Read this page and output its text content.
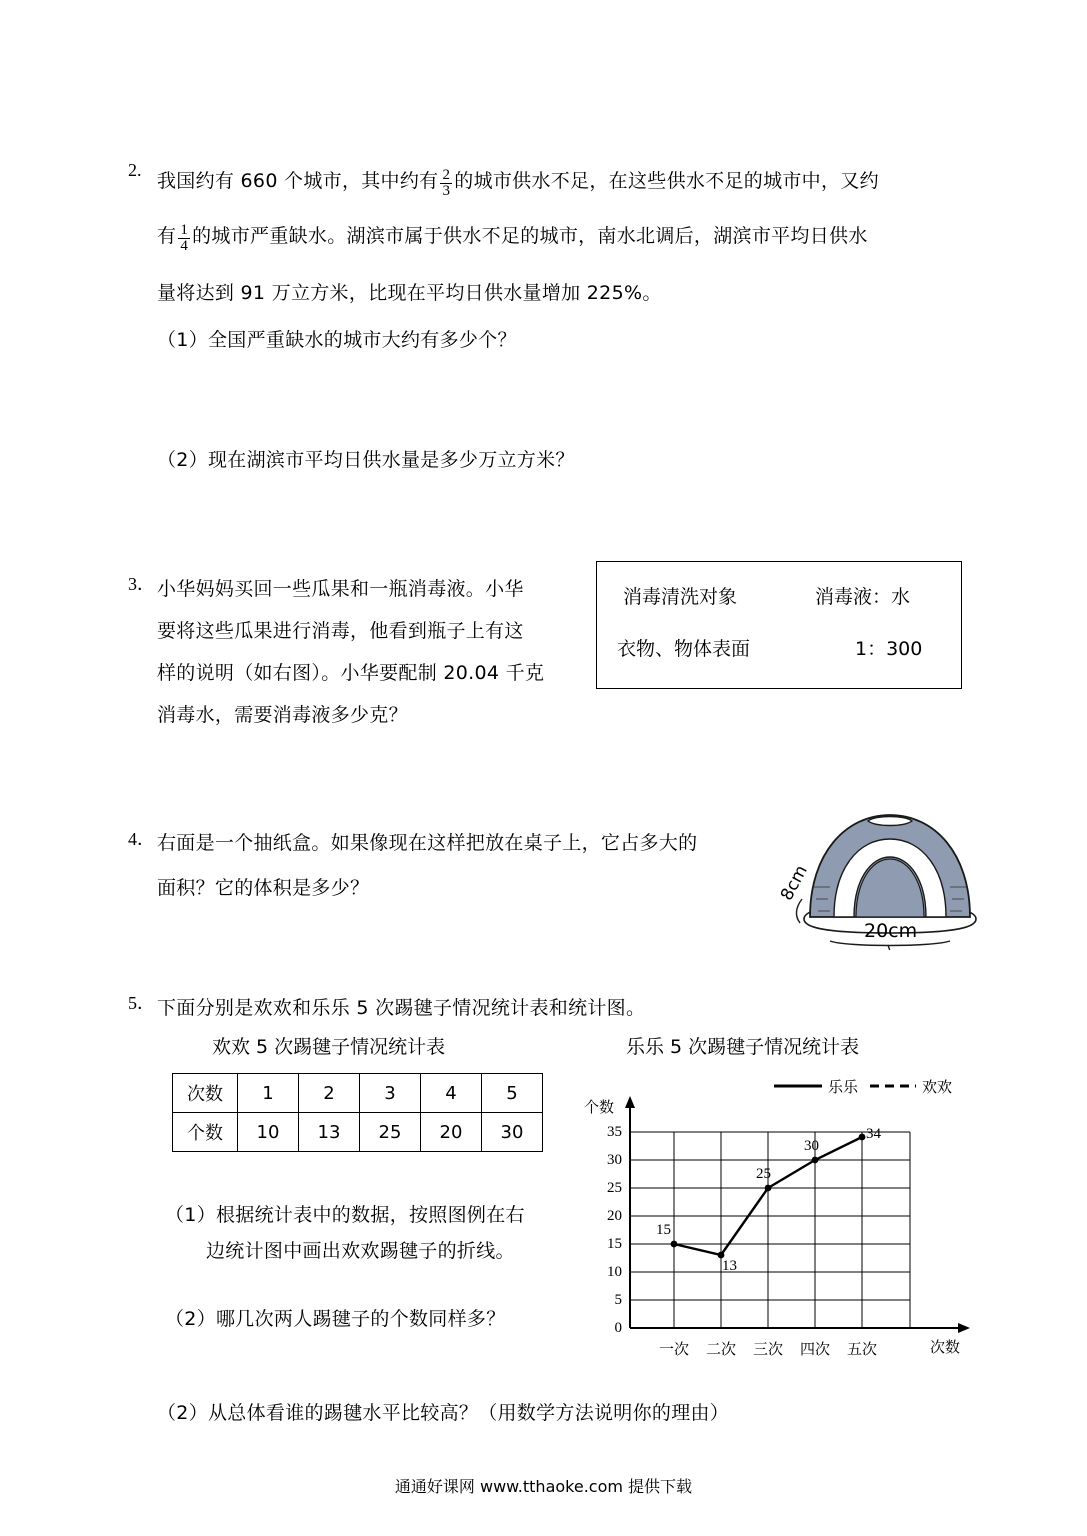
2. 我国约有 660 个城市，其中约有 $\frac{2}{3}$ 的城市供水不足，在这些供水不足的城市中，又约
有 $\frac{1}{4}$ 的城市严重缺水。湖滨市属于供水不足的城市，南水北调后，湖滨市平均日供水
量将达到 91 万立方米，比现在平均日供水量增加 225%。
（1）全国严重缺水的城市大约有多少个？
（2）现在湖滨市平均日供水量是多少万立方米？
3． 小华妈妈买回一些瓜果和一瓶消毒液。小华
要将这些瓜果进行消毒，他看到瓶子上有这
样的说明（如右图）。小华要配制 20.04 千克
消毒水，需要消毒液多少克？
消毒清洗对象	消毒液：水
衣物、物体表面	1：300
4． 右面是一个抽纸盒。如果像现在这样把放在桌子上，它占多大的
面积？它的体积是多少？	8cm
20cm
5． 下面分别是欢欢和乐乐 5 次踢毽子情况统计表和统计图。
欢欢 5 次踢毽子情况统计表	乐乐 5 次踢毽子情况统计表
次数	1	2	3	4	5
个数	10	13	25	20	30
（1）根据统计表中的数据，按照图例在右
边统计图中画出欢欢踢毽子的折线。
（2）哪几次两人踢毽子的个数同样多？
（2）从总体看谁的踢毽水平比较高？（用数学方法说明你的理由）
个数
次数
0
5
10
15
20
25
30
35
一次	二次	三次	四次	五次
15
13
25
30
34
乐乐	欢欢
通通好课网 www.tthaoke.com 提供下载
